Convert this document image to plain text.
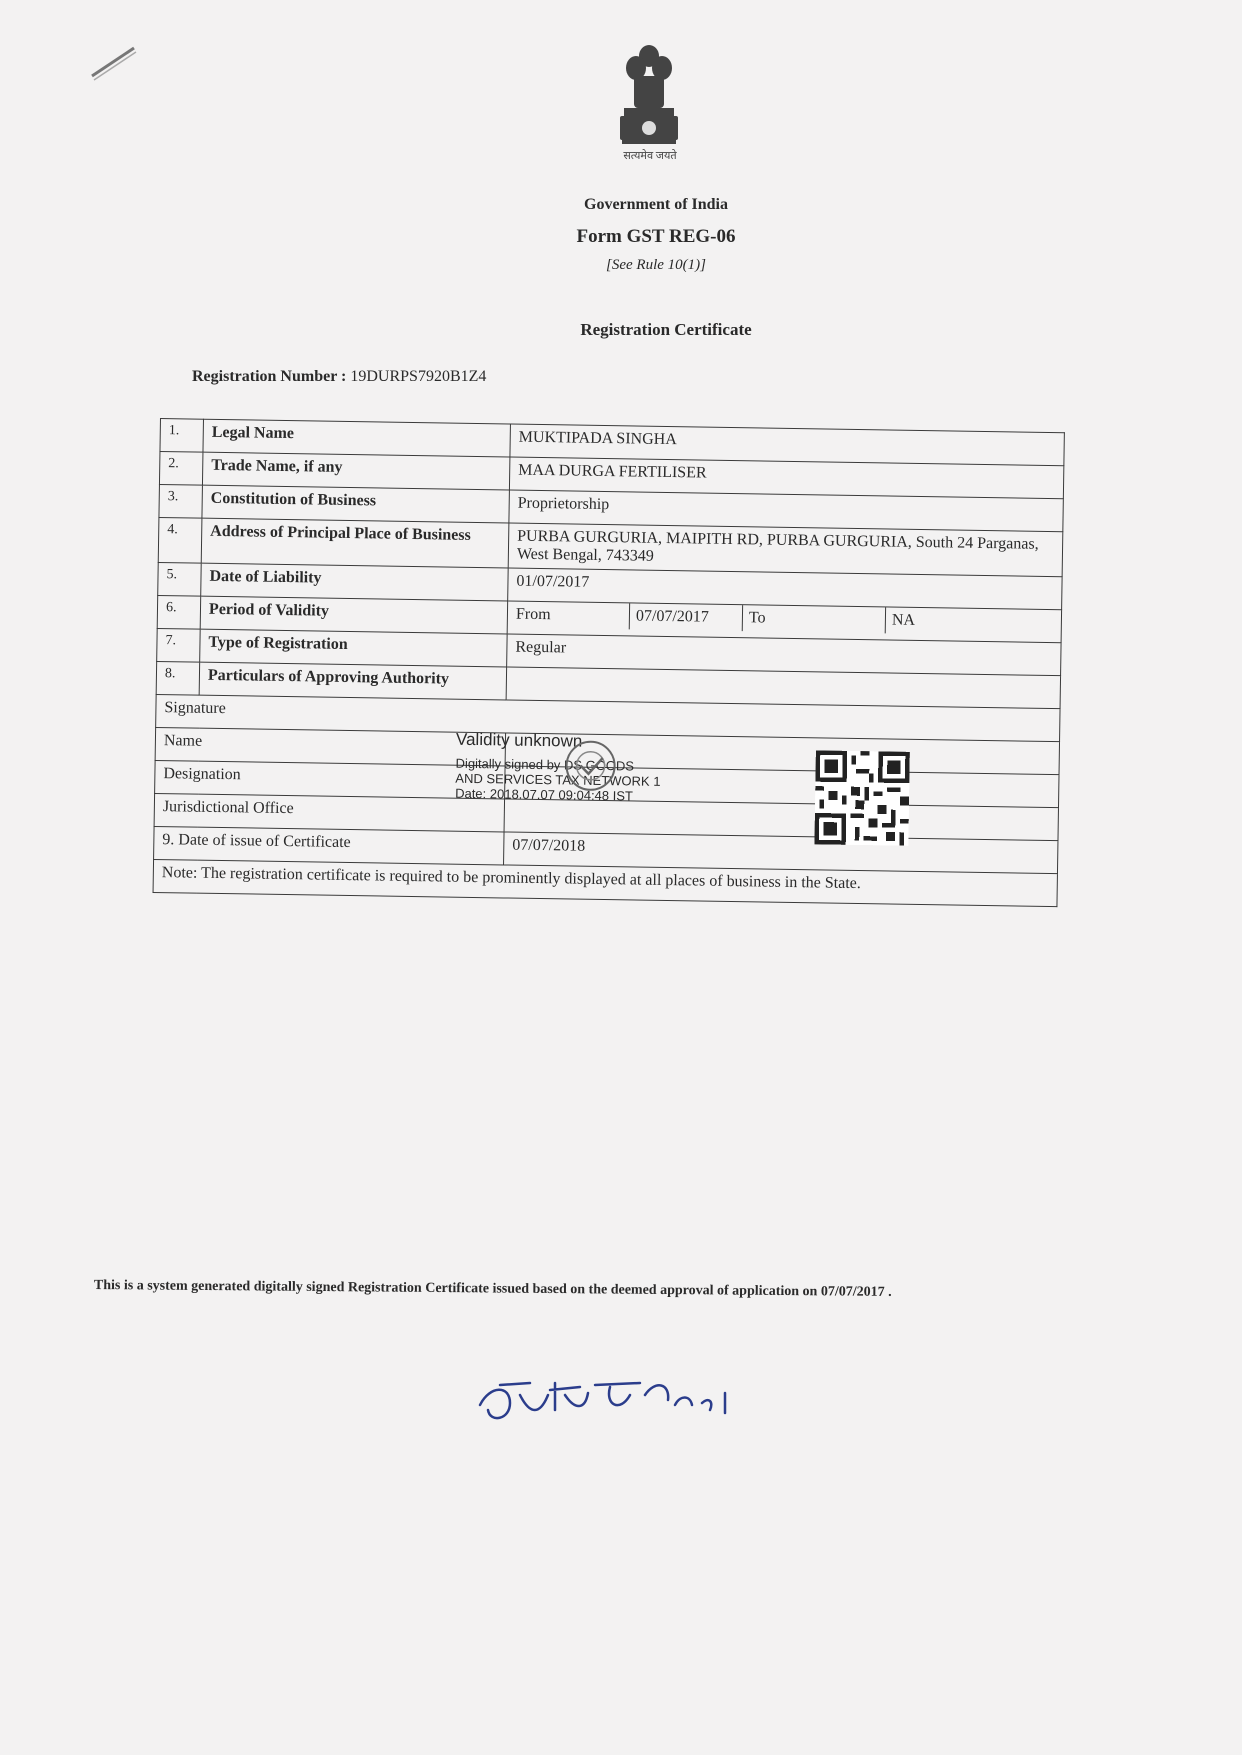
सत्यमेव जयते
Government of India
Form GST REG-06
[See Rule 10(1)]
Registration Certificate
Registration Number : 19DURPS7920B1Z4
1.	Legal Name	MUKTIPADA SINGHA
2.	Trade Name, if any	MAA DURGA FERTILISER
3.	Constitution of Business	Proprietorship
4.	Address of Principal Place of Business	PURBA GURGURIA, MAIPITH RD, PURBA GURGURIA, South 24 Parganas, West Bengal, 743349
5.	Date of Liability	01/07/2017
6.	Period of Validity	From 07/07/2017 To NA

7.	Type of Registration	Regular
8.	Particulars of Approving Authority	

Signature
Validity unknown
Digitally signed by DS GOODS
AND SERVICES TAX NETWORK 1
Date: 2018.07.07 09:04:48 IST		

Name		
Designation		
Jurisdictional Office		
9. Date of issue of Certificate		07/07/2018
Note: The registration certificate is required to be prominently displayed at all places of business in the State.		
This is a system generated digitally signed Registration Certificate issued based on the deemed approval of application on 07/07/2017 .
